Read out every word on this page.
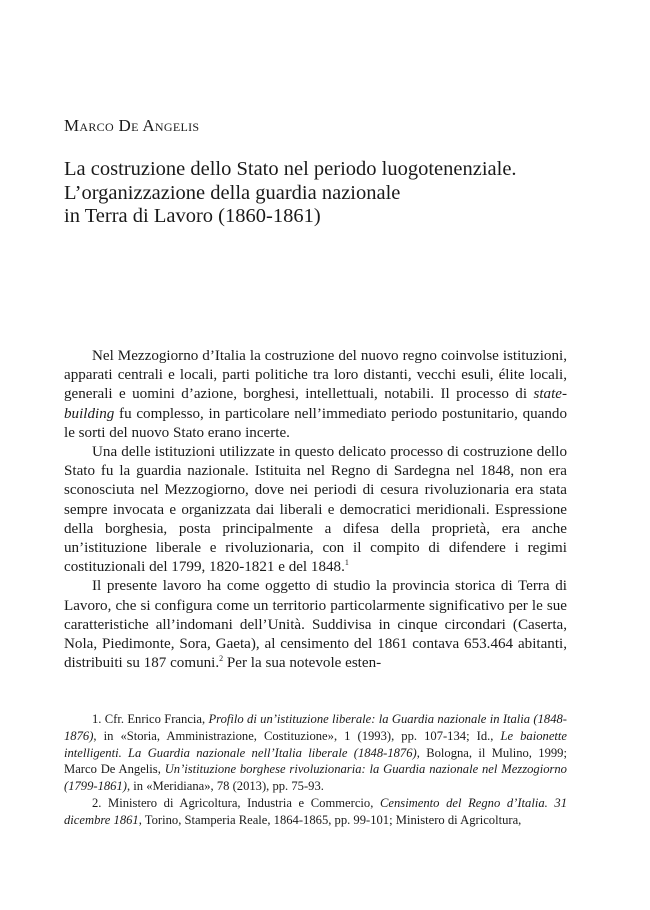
Marco De Angelis
La costruzione dello Stato nel periodo luogotenenziale.
L’organizzazione della guardia nazionale
in Terra di Lavoro (1860-1861)

Nel Mezzogiorno d’Italia la costruzione del nuovo regno coinvolse istituzioni, apparati centrali e locali, parti politiche tra loro distanti, vecchi esuli, élite locali, generali e uomini d’azione, borghesi, intellettuali, notabili. Il processo di state-building fu complesso, in particolare nell’immediato periodo postunitario, quando le sorti del nuovo Stato erano incerte.

Una delle istituzioni utilizzate in questo delicato processo di costruzione dello Stato fu la guardia nazionale. Istituita nel Regno di Sardegna nel 1848, non era sconosciuta nel Mezzogiorno, dove nei periodi di cesura rivoluzionaria era stata sempre invocata e organizzata dai liberali e democratici meridionali. Espressione della borghesia, posta principalmente a difesa della proprietà, era anche un’istituzione liberale e rivoluzionaria, con il compito di difendere i regimi costituzionali del 1799, 1820-1821 e del 1848.$^1$

Il presente lavoro ha come oggetto di studio la provincia storica di Terra di Lavoro, che si configura come un territorio particolarmente significativo per le sue caratteristiche all’indomani dell’Unità. Suddivisa in cinque circondari (Caserta, Nola, Piedimonte, Sora, Gaeta), al censimento del 1861 contava 653.464 abitanti, distribuiti su 187 comuni.$^2$ Per la sua notevole esten-

1. Cfr. Enrico Francia, Profilo di un’istituzione liberale: la Guardia nazionale in Italia (1848-1876), in «Storia, Amministrazione, Costituzione», 1 (1993), pp. 107-134; Id., Le baionette intelligenti. La Guardia nazionale nell’Italia liberale (1848-1876), Bologna, il Mulino, 1999; Marco De Angelis, Un’istituzione borghese rivoluzionaria: la Guardia nazionale nel Mezzogiorno (1799-1861), in «Meridiana», 78 (2013), pp. 75-93.

2. Ministero di Agricoltura, Industria e Commercio, Censimento del Regno d’Italia. 31 dicembre 1861, Torino, Stamperia Reale, 1864-1865, pp. 99-101; Ministero di Agricoltura,
